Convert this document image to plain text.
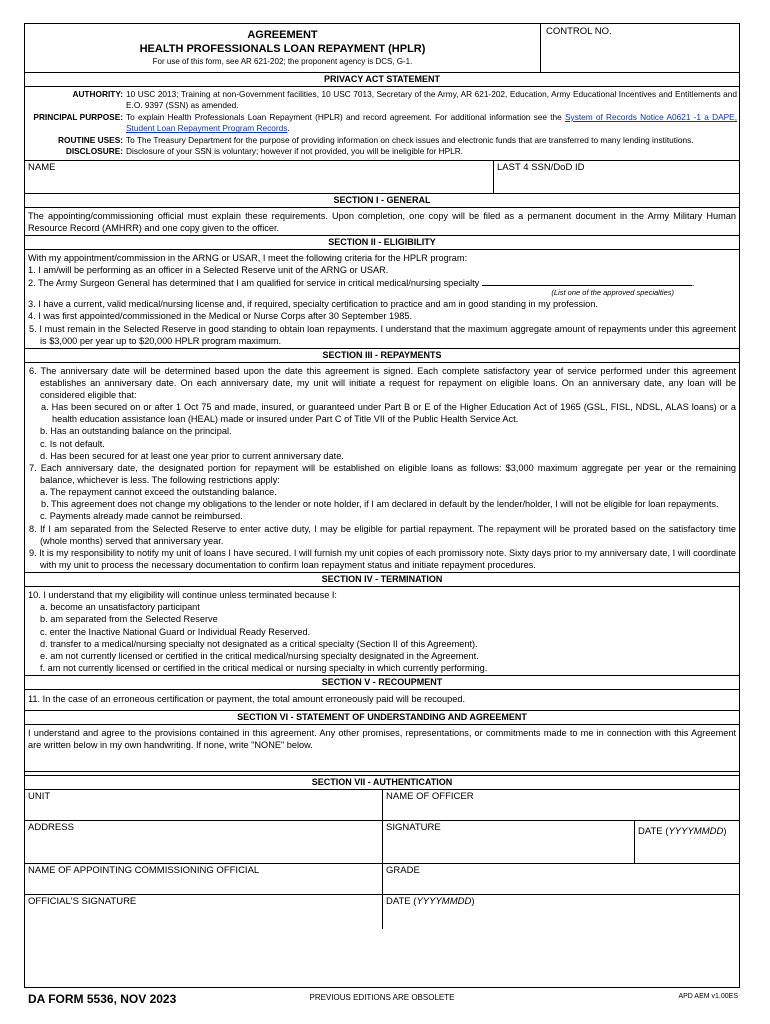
AGREEMENT
HEALTH PROFESSIONALS LOAN REPAYMENT (HPLR)
For use of this form, see AR 621-202; the proponent agency is DCS, G-1.
CONTROL NO.
PRIVACY ACT STATEMENT
AUTHORITY: 10 USC 2013; Training at non-Government facilities, 10 USC 7013, Secretary of the Army, AR 621-202, Education, Army Educational Incentives and Entitlements and E.O. 9397 (SSN) as amended.
PRINCIPAL PURPOSE: To explain Health Professionals Loan Repayment (HPLR) and record agreement. For additional information see the System of Records Notice A0621 -1 a DAPE, Student Loan Repayment Program Records.
ROUTINE USES: To The Treasury Department for the purpose of providing information on check issues and electronic funds that are transferred to many lending institutions.
DISCLOSURE: Disclosure of your SSN is voluntary; however if not provided, you will be ineligible for HPLR.
NAME	LAST 4 SSN/DoD ID
SECTION I - GENERAL
The appointing/commissioning official must explain these requirements. Upon completion, one copy will be filed as a permanent document in the Army Military Human Resource Record (AMHRR) and one copy given to the officer.
SECTION II - ELIGIBILITY

With my appointment/commission in the ARNG or USAR, I meet the following criteria for the HPLR program:

1. I am/will be performing as an officer in a Selected Reserve unit of the ARNG or USAR.

2. The Army Surgeon General has determined that I am qualified for service in critical medical/nursing specialty	.

(List one of the approved specialties)

3. I have a current, valid medical/nursing license and, if required, specialty certification to practice and am in good standing in my profession.

4. I was first appointed/commissioned in the Medical or Nurse Corps after 30 September 1985.

5. I must remain in the Selected Reserve in good standing to obtain loan repayments. I understand that the maximum aggregate amount of repayments under this agreement is $3,000 per year up to $20,000 HPLR program maximum.

SECTION III - REPAYMENTS

6. The anniversary date will be determined based upon the date this agreement is signed. Each complete satisfactory year of service performed under this agreement establishes an anniversary date. On each anniversary date, my unit will initiate a request for repayment on eligible loans. On an anniversary date, any loan will be considered eligible that:

a. Has been secured on or after 1 Oct 75 and made, insured, or guaranteed under Part B or E of the Higher Education Act of 1965 (GSL, FISL, NDSL, ALAS loans) or a health education assistance loan (HEAL) made or insured under Part C of Title VII of the Public Health Service Act.

b. Has an outstanding balance on the principal.

c. Is not default.

d. Has been secured for at least one year prior to current anniversary date.

7. Each anniversary date, the designated portion for repayment will be established on eligible loans as follows: $3,000 maximum aggregate per year or the remaining balance, whichever is less. The following restrictions apply:

a. The repayment cannot exceed the outstanding balance.

b. This agreement does not change my obligations to the lender or note holder, if I am declared in default by the lender/holder, I will not be eligible for loan repayments.

c. Payments already made cannot be reimbursed.

8. If I am separated from the Selected Reserve to enter active duty, I may be eligible for partial repayment. The repayment will be prorated based on the satisfactory time (whole months) served that anniversary year.

9. It is my responsibility to notify my unit of loans I have secured. I will furnish my unit copies of each promissory note. Sixty days prior to my anniversary date, I will coordinate with my unit to process the necessary documentation to confirm loan repayment status and initiate repayment procedures.

SECTION IV - TERMINATION

10. I understand that my eligibility will continue unless terminated because I:

a. become an unsatisfactory participant

b. am separated from the Selected Reserve

c. enter the Inactive National Guard or Individual Ready Reserved.

d. transfer to a medical/nursing specialty not designated as a critical specialty (Section II of this Agreement).

e. am not currently licensed or certified in the critical medical/nursing specialty designated in the Agreement.

f. am not currently licensed or certified in the critical medical or nursing specialty in which currently performing.

SECTION V - RECOUPMENT
11. In the case of an erroneous certification or payment, the total amount erroneously paid will be recouped.
SECTION VI - STATEMENT OF UNDERSTANDING AND AGREEMENT
I understand and agree to the provisions contained in this agreement. Any other promises, representations, or commitments made to me in connection with this Agreement are written below in my own handwriting. If none, write "NONE" below.
SECTION VII - AUTHENTICATION
UNIT	NAME OF OFFICER
ADDRESS	SIGNATURE	DATE (YYYYMMDD)
NAME OF APPOINTING COMMISSIONING OFFICIAL	GRADE
OFFICIAL'S SIGNATURE	DATE (YYYYMMDD)
DA FORM 5536, NOV 2023	PREVIOUS EDITIONS ARE OBSOLETE	APD AEM v1.00ES
